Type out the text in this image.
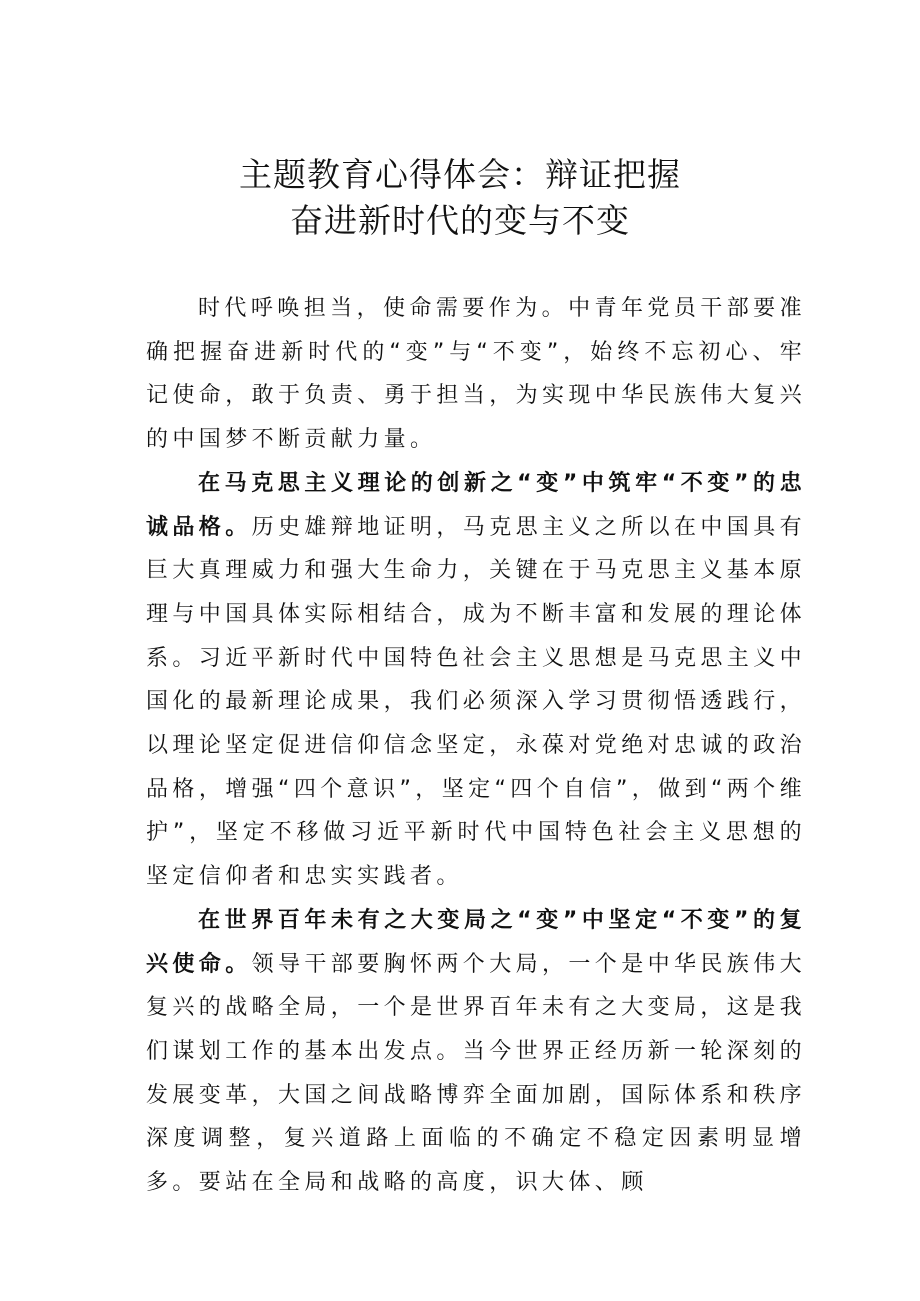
主题教育心得体会：辩证把握
奋进新时代的变与不变

时代呼唤担当，使命需要作为。中青年党员干部要准确把握奋进新时代的“变”与“不变”，始终不忘初心、牢记使命，敢于负责、勇于担当，为实现中华民族伟大复兴的中国梦不断贡献力量。

在马克思主义理论的创新之“变”中筑牢“不变”的忠诚品格。历史雄辩地证明，马克思主义之所以在中国具有巨大真理威力和强大生命力，关键在于马克思主义基本原理与中国具体实际相结合，成为不断丰富和发展的理论体系。习近平新时代中国特色社会主义思想是马克思主义中国化的最新理论成果，我们必须深入学习贯彻悟透践行，以理论坚定促进信仰信念坚定，永葆对党绝对忠诚的政治品格，增强“四个意识”，坚定“四个自信”，做到“两个维护”，坚定不移做习近平新时代中国特色社会主义思想的坚定信仰者和忠实实践者。

在世界百年未有之大变局之“变”中坚定“不变”的复兴使命。领导干部要胸怀两个大局，一个是中华民族伟大复兴的战略全局，一个是世界百年未有之大变局，这是我们谋划工作的基本出发点。当今世界正经历新一轮深刻的发展变革，大国之间战略博弈全面加剧，国际体系和秩序深度调整，复兴道路上面临的不确定不稳定因素明显增多。要站在全局和战略的高度，识大体、顾
